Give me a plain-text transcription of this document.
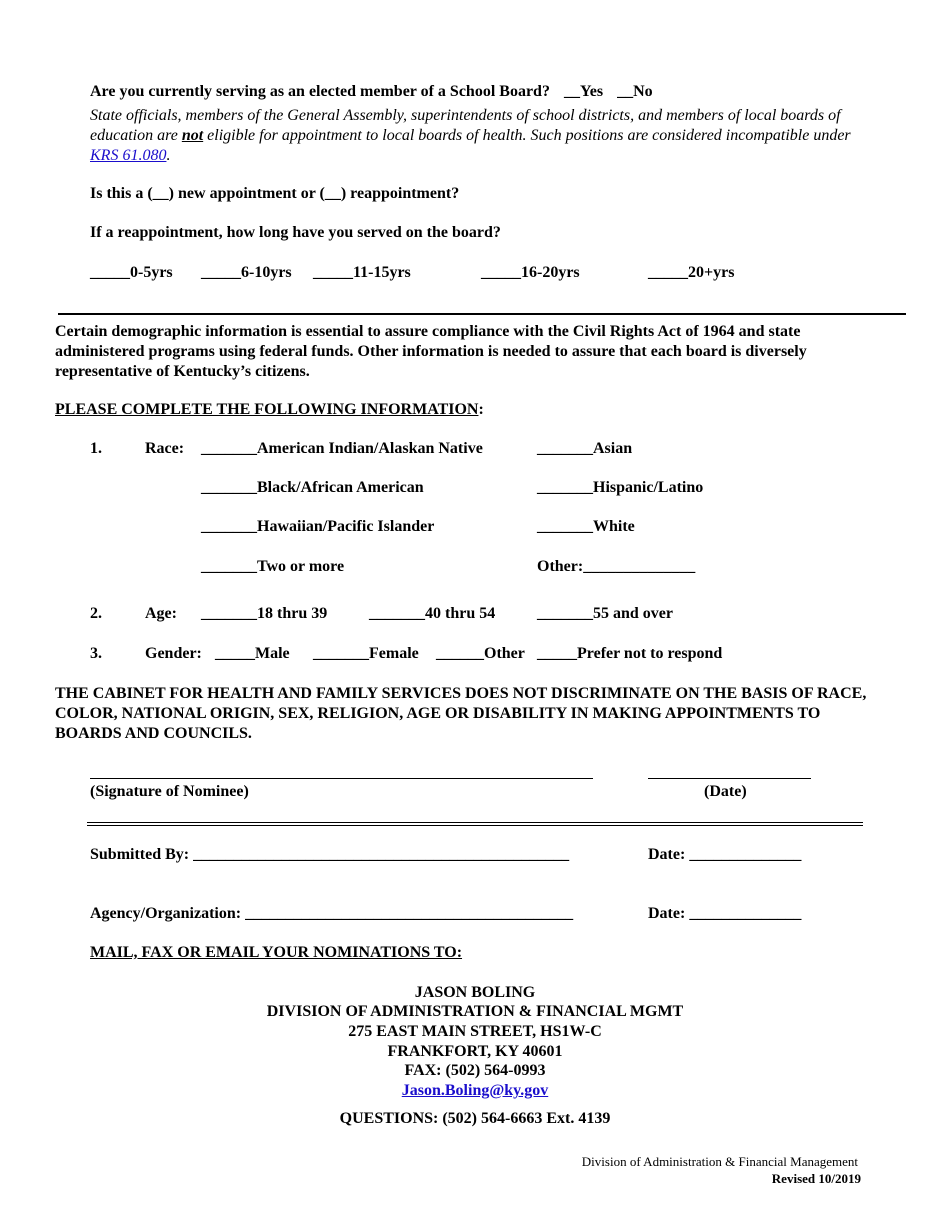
Are you currently serving as an elected member of a School Board? __Yes __No
State officials, members of the General Assembly, superintendents of school districts, and members of local boards of education are not eligible for appointment to local boards of health. Such positions are considered incompatible under KRS 61.080.
Is this a (__) new appointment or (__) reappointment?
If a reappointment, how long have you served on the board?
_____0-5yrs _____6-10yrs _____11-15yrs	_____16-20yrs	_____20+yrs
Certain demographic information is essential to assure compliance with the Civil Rights Act of 1964 and state administered programs using federal funds. Other information is needed to assure that each board is diversely representative of Kentucky’s citizens.
PLEASE COMPLETE THE FOLLOWING INFORMATION:
1.	Race: _______American Indian/Alaskan Native	_______Asian
_______Black/African American	_______Hispanic/Latino
_______Hawaiian/Pacific Islander	_______White
_______Two or more	Other:______________
2.	Age: _______18 thru 39	_______40 thru 54	_______55 and over
3.	Gender: _____Male _______Female ______Other _____Prefer not to respond
THE CABINET FOR HEALTH AND FAMILY SERVICES DOES NOT DISCRIMINATE ON THE BASIS OF RACE, COLOR, NATIONAL ORIGIN, SEX, RELIGION, AGE OR DISABILITY IN MAKING APPOINTMENTS TO BOARDS AND COUNCILS.
(Signature of Nominee)	(Date)
Submitted By: _______________________________________________	Date: ______________
Agency/Organization: _________________________________________	Date: ______________
MAIL, FAX OR EMAIL YOUR NOMINATIONS TO:
JASON BOLING
DIVISION OF ADMINISTRATION & FINANCIAL MGMT
275 EAST MAIN STREET, HS1W-C
FRANKFORT, KY 40601
FAX: (502) 564-0993
Jason.Boling@ky.gov
QUESTIONS: (502) 564-6663 Ext. 4139
Division of Administration & Financial Management
Revised 10/2019
